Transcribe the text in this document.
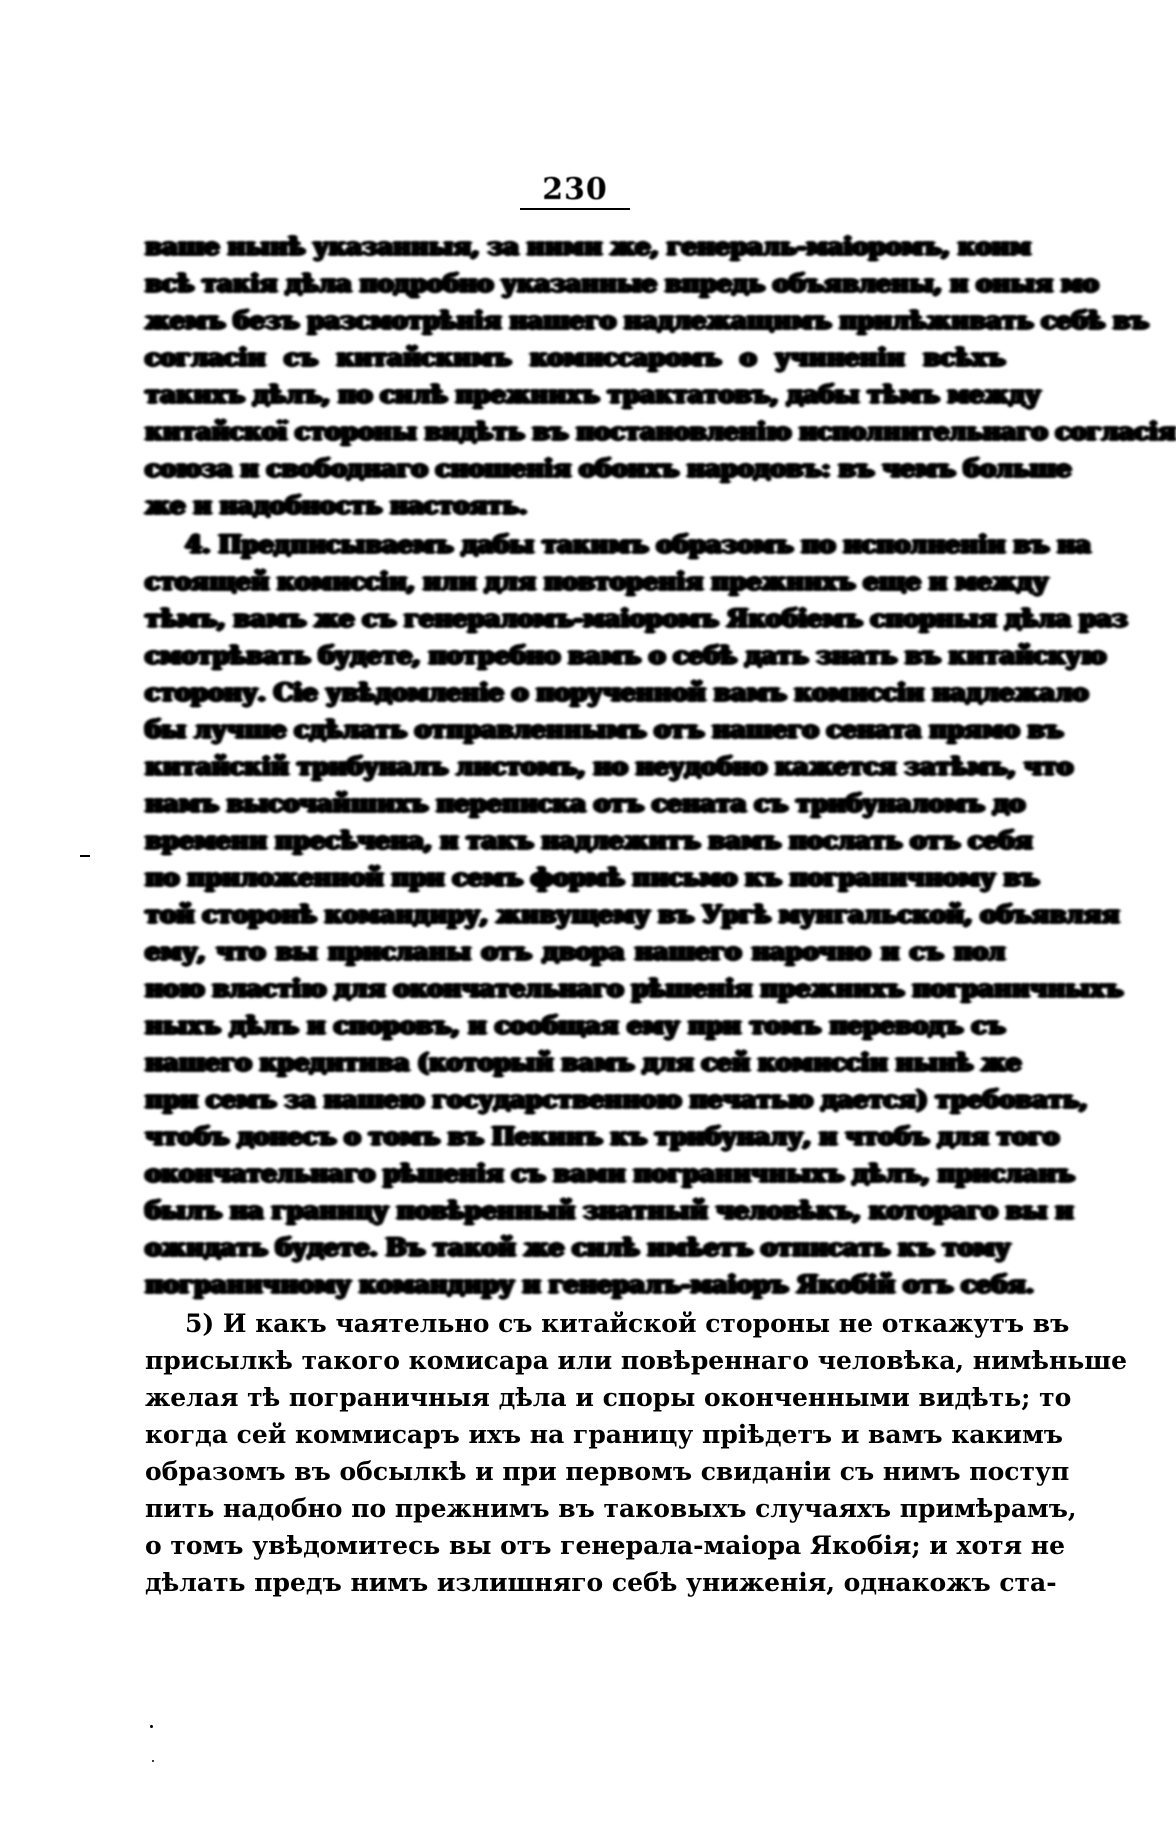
230
ваше нынѣ указанныя, за ними же, генераль-маіоромъ, коим
всѣ такія дѣла подробно указанные впредь объявлены, и оныя мо
жемъ безъ разсмотрѣнія нашего надлежащимъ прилѣживать себѣ въ
согласіи съ китайскимъ комиссаромъ о учиненіи всѣхъ
такихъ дѣлъ, по силѣ прежнихъ трактатовъ, дабы тѣмъ между
китайскої стороны видѣть въ постановленію исполнительнаго согласія
союза и свободнаго сношенія обоихъ народовъ: въ чемъ больше
же и надобность настоять.
4. Предписываемъ дабы такимъ образомъ по исполненіи въ на
стоящей комиссіи, или для повторенія прежнихъ еще и между
тѣмъ, вамъ же съ генераломъ-маіоромъ Якобіемъ спорныя дѣла раз
смотрѣвать будете, потребно вамъ о себѣ дать знать въ китайскую
сторону. Сіе увѣдомленіе о порученной вамъ комиссіи надлежало
бы лучше сдѣлать отправленнымъ отъ нашего сената прямо въ
китайскій трибуналъ листомъ, но неудобно кажется затѣмъ, что
намъ высочайшихъ переписка отъ сената съ трибуналомъ до
времени пресѣчена, и такъ надлежитъ вамъ послать отъ себя
по приложенной при семъ формѣ письмо къ пограничному въ
той сторонѣ командиру, живущему въ Ургѣ мунгальской, объявляя
ему, что вы присланы отъ двора нашего нарочно и съ пол
ною властію для окончательнаго рѣшенія прежнихъ пограничныхъ
ныхъ дѣлъ и споровъ, и сообщая ему при томъ переводъ съ
нашего кредитива (который вамъ для сей комиссіи нынѣ же
при семъ за нашею государственною печатью дается) требовать,
чтобъ донесъ о томъ въ Пекинъ къ трибуналу, и чтобъ для того
окончательнаго рѣшенія съ вами пограничныхъ дѣлъ, присланъ
былъ на границу повѣренный знатный человѣкъ, котораго вы и
ожидать будете. Въ такой же силѣ имѣетъ отписать къ тому
пограничному командиру и генералъ-маіоръ Якобій отъ себя.
5) И какъ чаятельно съ китайской стороны не откажутъ въ
присылкѣ такого комисара или повѣреннаго человѣка, нимѣньше
желая тѣ пограничныя дѣла и споры оконченными видѣть; то
когда сей коммисаръ ихъ на границу пріѣдетъ и вамъ какимъ
образомъ въ обсылкѣ и при первомъ свиданіи съ нимъ поступ
пить надобно по прежнимъ въ таковыхъ случаяхъ примѣрамъ,
о томъ увѣдомитесь вы отъ генерала-маіора Якобія; и хотя не
дѣлать предъ нимъ излишняго себѣ униженія, однакожъ ста-
